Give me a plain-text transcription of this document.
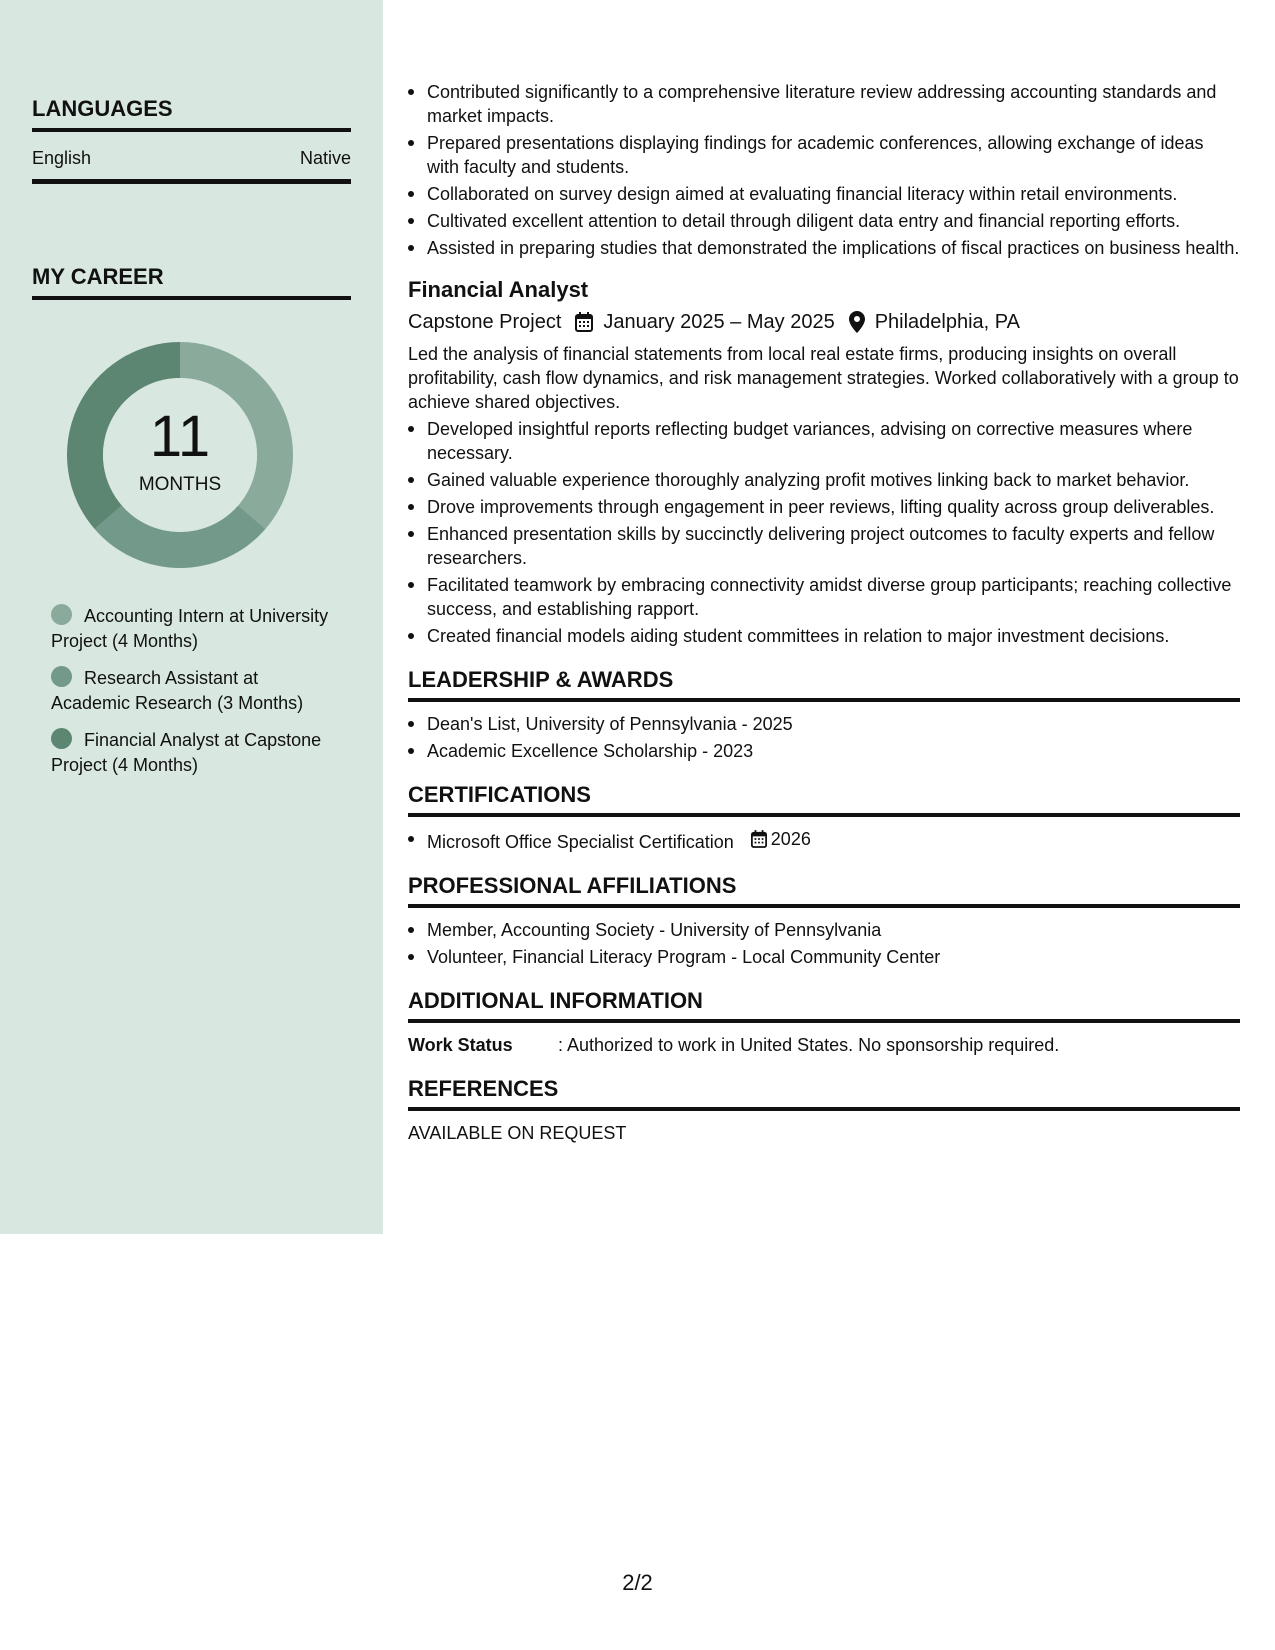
LANGUAGES
English	Native
MY CAREER
11
MONTHS
Accounting Intern at University Project (4 Months)
Research Assistant at Academic Research (3 Months)
Financial Analyst at Capstone Project (4 Months)
Contributed significantly to a comprehensive literature review addressing accounting standards and market impacts.
Prepared presentations displaying findings for academic conferences, allowing exchange of ideas with faculty and students.
Collaborated on survey design aimed at evaluating financial literacy within retail environments.
Cultivated excellent attention to detail through diligent data entry and financial reporting efforts.
Assisted in preparing studies that demonstrated the implications of fiscal practices on business health.
Financial Analyst
Capstone Project January 2025 – May 2025 Philadelphia, PA
Led the analysis of financial statements from local real estate firms, producing insights on overall profitability, cash flow dynamics, and risk management strategies. Worked collaboratively with a group to achieve shared objectives.
Developed insightful reports reflecting budget variances, advising on corrective measures where necessary.
Gained valuable experience thoroughly analyzing profit motives linking back to market behavior.
Drove improvements through engagement in peer reviews, lifting quality across group deliverables.
Enhanced presentation skills by succinctly delivering project outcomes to faculty experts and fellow researchers.
Facilitated teamwork by embracing connectivity amidst diverse group participants; reaching collective success, and establishing rapport.
Created financial models aiding student committees in relation to major investment decisions.
LEADERSHIP & AWARDS
Dean's List, University of Pennsylvania - 2025
Academic Excellence Scholarship - 2023
CERTIFICATIONS
Microsoft Office Specialist Certification 2026
PROFESSIONAL AFFILIATIONS
Member, Accounting Society - University of Pennsylvania
Volunteer, Financial Literacy Program - Local Community Center
ADDITIONAL INFORMATION
Work Status	: Authorized to work in United States. No sponsorship required.
REFERENCES
AVAILABLE ON REQUEST
2/2
